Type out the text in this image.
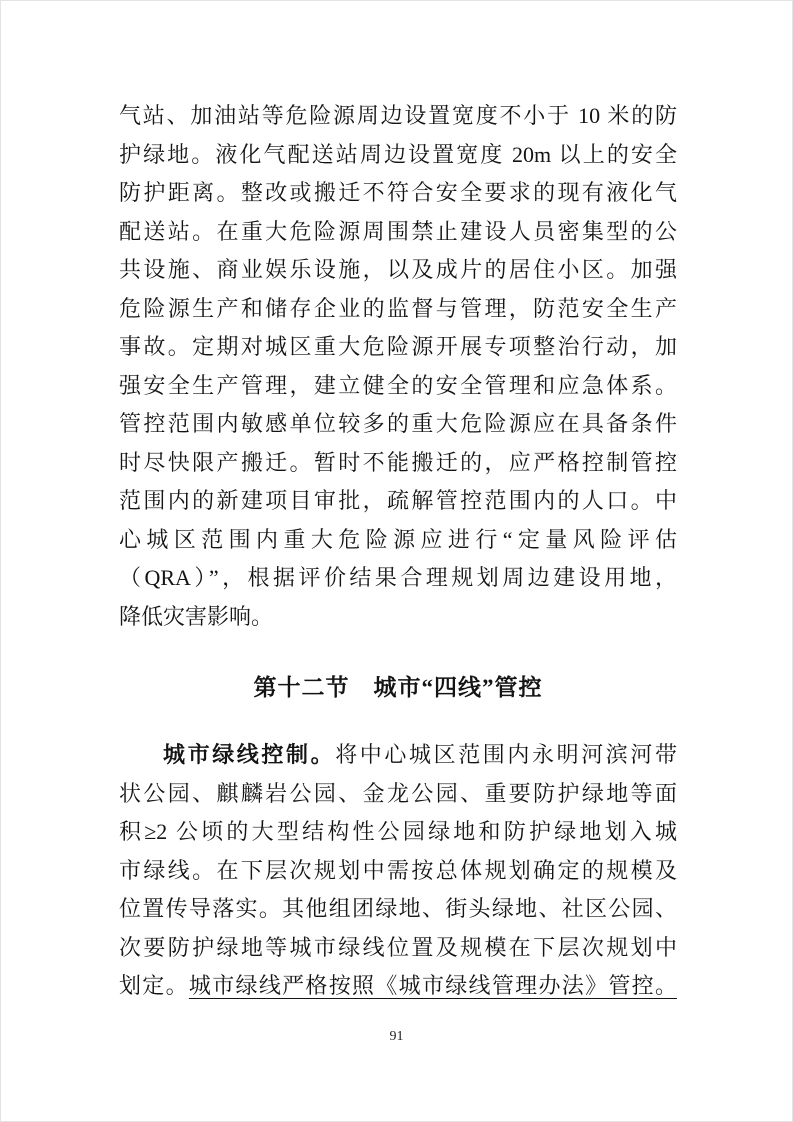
气站、加油站等危险源周边设置宽度不小于 10 米的防
护绿地。液化气配送站周边设置宽度 20m 以上的安全
防护距离。整改或搬迁不符合安全要求的现有液化气
配送站。在重大危险源周围禁止建设人员密集型的公
共设施、商业娱乐设施，以及成片的居住小区。加强
危险源生产和储存企业的监督与管理，防范安全生产
事故。定期对城区重大危险源开展专项整治行动，加
强安全生产管理，建立健全的安全管理和应急体系。
管控范围内敏感单位较多的重大危险源应在具备条件
时尽快限产搬迁。暂时不能搬迁的，应严格控制管控
范围内的新建项目审批，疏解管控范围内的人口。中
心城区范围内重大危险源应进行“定量风险评估
（QRA）”，根据评价结果合理规划周边建设用地，
降低灾害影响。
第十二节　城市“四线”管控
城市绿线控制。将中心城区范围内永明河滨河带
状公园、麒麟岩公园、金龙公园、重要防护绿地等面
积≥2 公顷的大型结构性公园绿地和防护绿地划入城
市绿线。在下层次规划中需按总体规划确定的规模及
位置传导落实。其他组团绿地、街头绿地、社区公园、
次要防护绿地等城市绿线位置及规模在下层次规划中
划定。城市绿线严格按照《城市绿线管理办法》管控。
91
